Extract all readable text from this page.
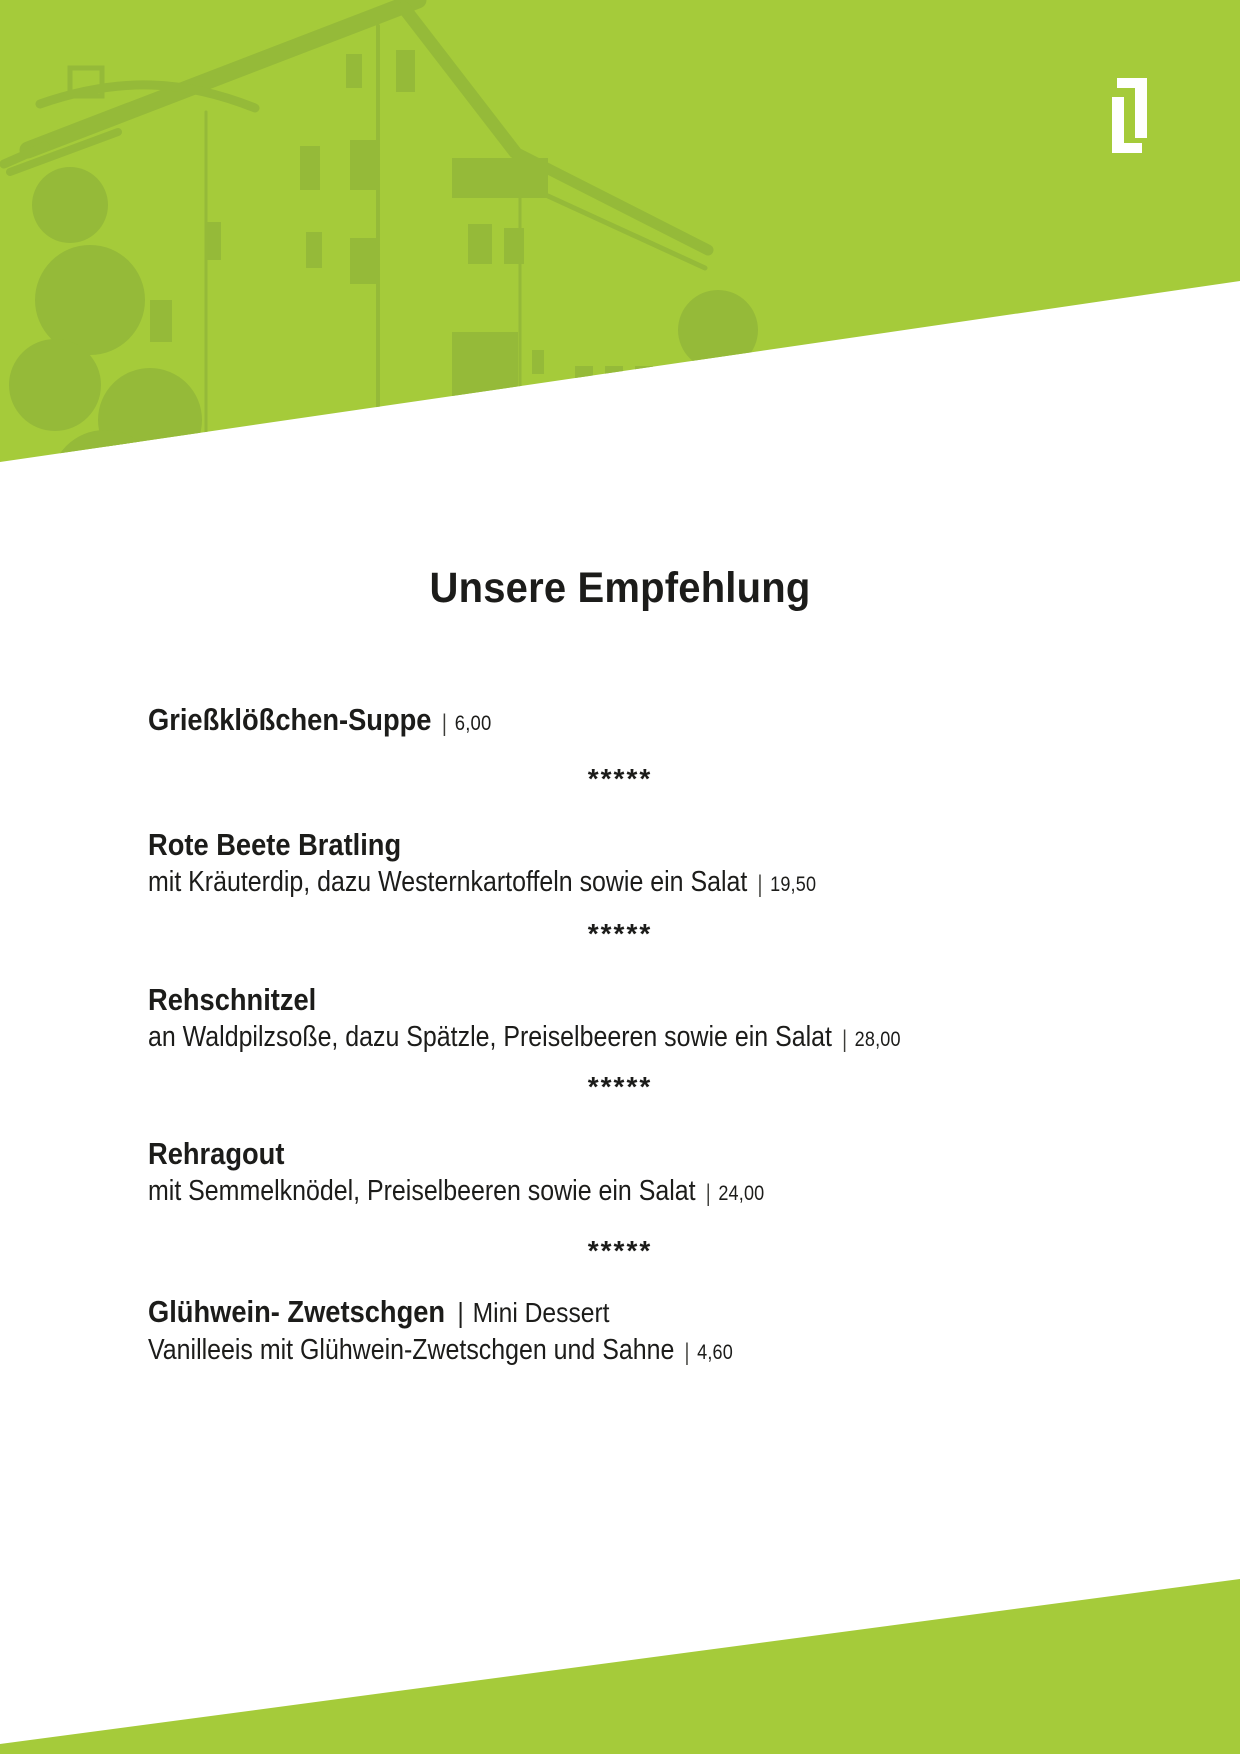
Unsere Empfehlung
Grießklößchen-Suppe | 6,00
*****
Rote Beete Bratling
mit Kräuterdip, dazu Westernkartoffeln sowie ein Salat | 19,50
*****
Rehschnitzel
an Waldpilzsoße, dazu Spätzle, Preiselbeeren sowie ein Salat | 28,00
*****
Rehragout
mit Semmelknödel, Preiselbeeren sowie ein Salat | 24,00
*****
Glühwein- Zwetschgen | Mini Dessert
Vanilleeis mit Glühwein-Zwetschgen und Sahne | 4,60
